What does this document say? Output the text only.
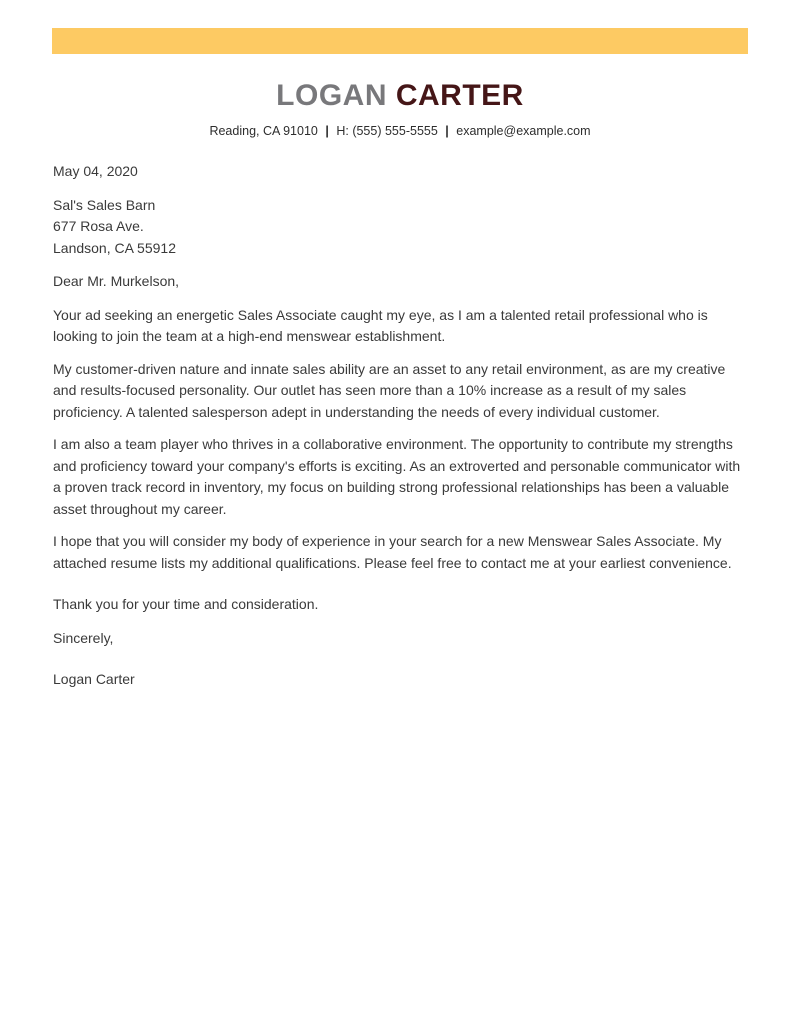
LOGAN CARTER
Reading, CA 91010 | H: (555) 555-5555 | example@example.com

May 04, 2020

Sal's Sales Barn
677 Rosa Ave.
Landson, CA 55912

Dear Mr. Murkelson,

Your ad seeking an energetic Sales Associate caught my eye, as I am a talented retail professional who is looking to join the team at a high-end menswear establishment.

My customer-driven nature and innate sales ability are an asset to any retail environment, as are my creative and results-focused personality. Our outlet has seen more than a 10% increase as a result of my sales proficiency. A talented salesperson adept in understanding the needs of every individual customer.

I am also a team player who thrives in a collaborative environment. The opportunity to contribute my strengths and proficiency toward your company's efforts is exciting. As an extroverted and personable communicator with a proven track record in inventory, my focus on building strong professional relationships has been a valuable asset throughout my career.

I hope that you will consider my body of experience in your search for a new Menswear Sales Associate. My attached resume lists my additional qualifications. Please feel free to contact me at your earliest convenience.

Thank you for your time and consideration.

Sincerely,

Logan Carter
